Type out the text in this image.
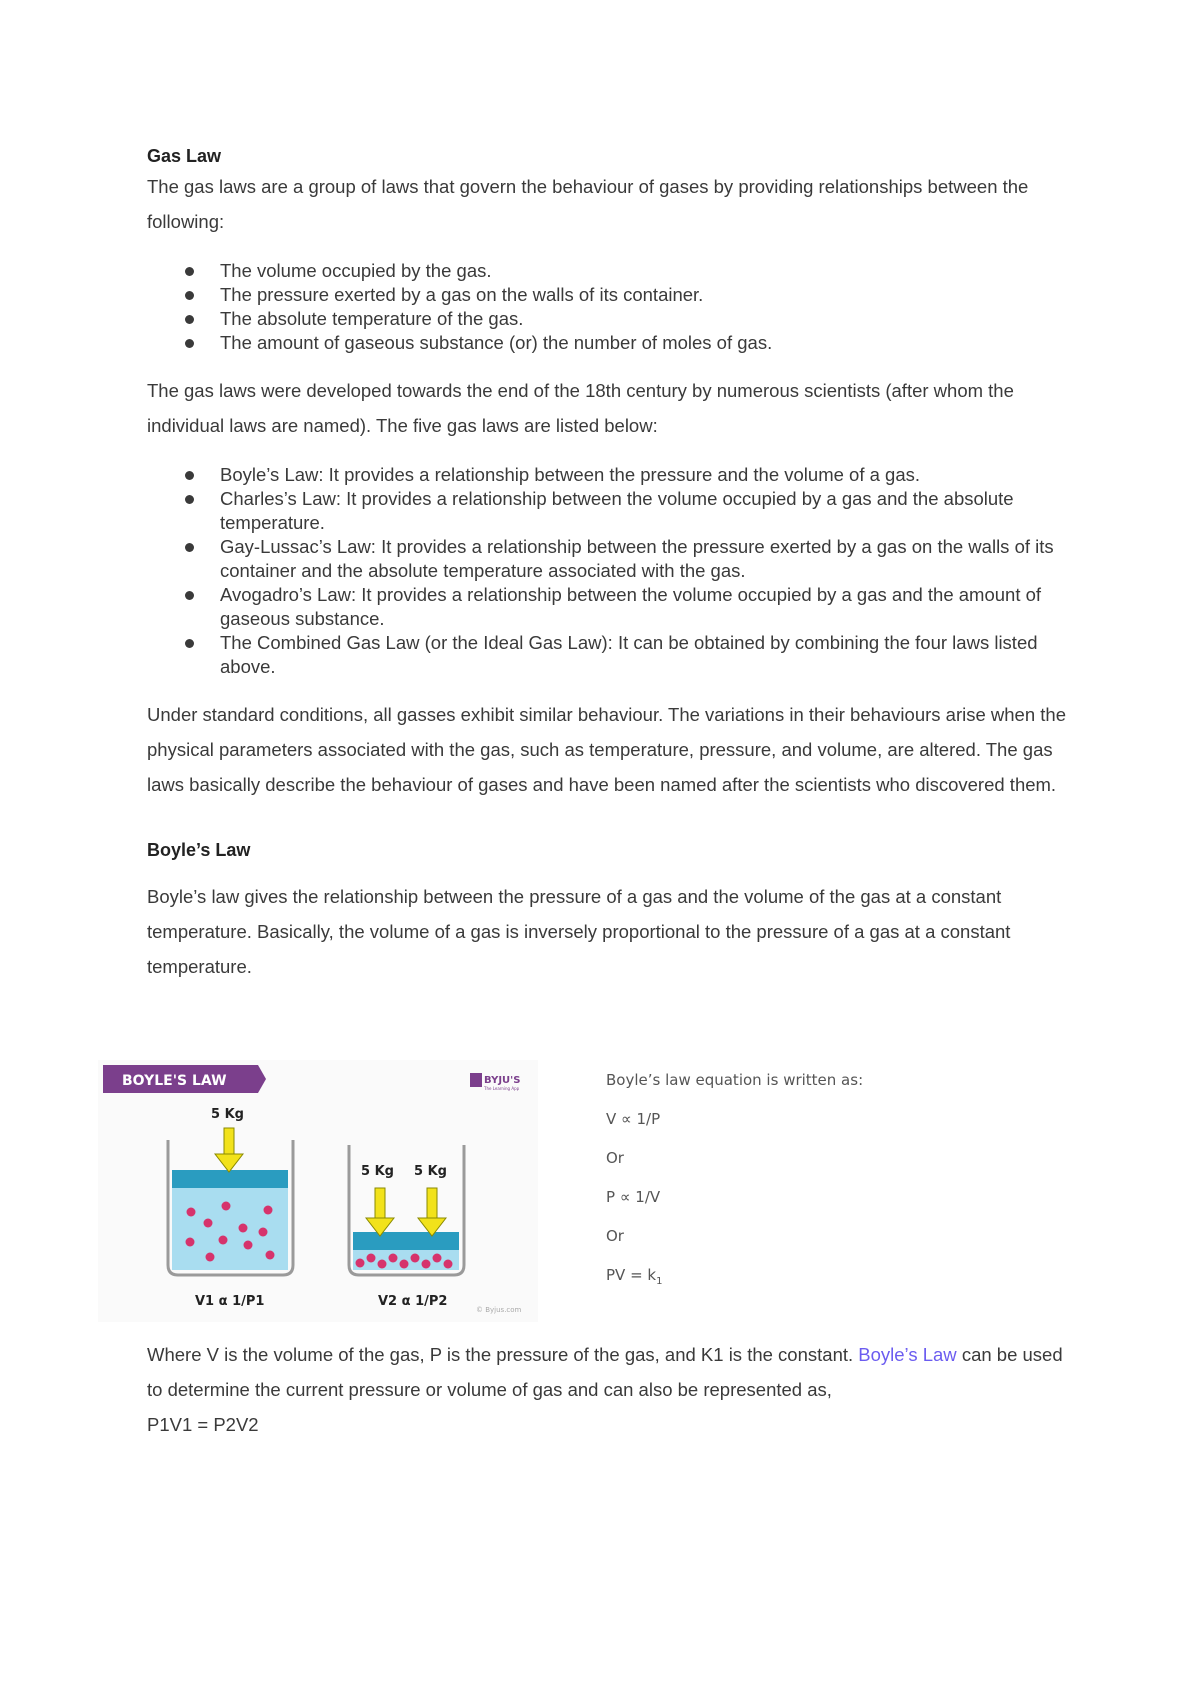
Gas Law

The gas laws are a group of laws that govern the behaviour of gases by providing relationships between the following:

The volume occupied by the gas.
The pressure exerted by a gas on the walls of its container.
The absolute temperature of the gas.
The amount of gaseous substance (or) the number of moles of gas.

The gas laws were developed towards the end of the 18th century by numerous scientists (after whom the individual laws are named). The five gas laws are listed below:

Boyle’s Law: It provides a relationship between the pressure and the volume of a gas.
Charles’s Law: It provides a relationship between the volume occupied by a gas and the absolute temperature.
Gay-Lussac’s Law: It provides a relationship between the pressure exerted by a gas on the walls of its container and the absolute temperature associated with the gas.
Avogadro’s Law: It provides a relationship between the volume occupied by a gas and the amount of gaseous substance.
The Combined Gas Law (or the Ideal Gas Law): It can be obtained by combining the four laws listed above.

Under standard conditions, all gasses exhibit similar behaviour. The variations in their behaviours arise when the physical parameters associated with the gas, such as temperature, pressure, and volume, are altered. The gas laws basically describe the behaviour of gases and have been named after the scientists who discovered them.

Boyle’s Law

Boyle’s law gives the relationship between the pressure of a gas and the volume of the gas at a constant temperature. Basically, the volume of a gas is inversely proportional to the pressure of a gas at a constant temperature.

BOYLE'S LAW	BYJU'S
The Learning App
5 Kg
V1 α 1/P1
5 Kg 5 Kg
V2 α 1/P2
© Byjus.com
Boyle’s law equation is written as:
V ∝ 1/P
Or
P ∝ 1/V
Or
PV = $k_1$

Where V is the volume of the gas, P is the pressure of the gas, and K1 is the constant. Boyle’s Law can be used to determine the current pressure or volume of gas and can also be represented as,
P1V1 = P2V2
